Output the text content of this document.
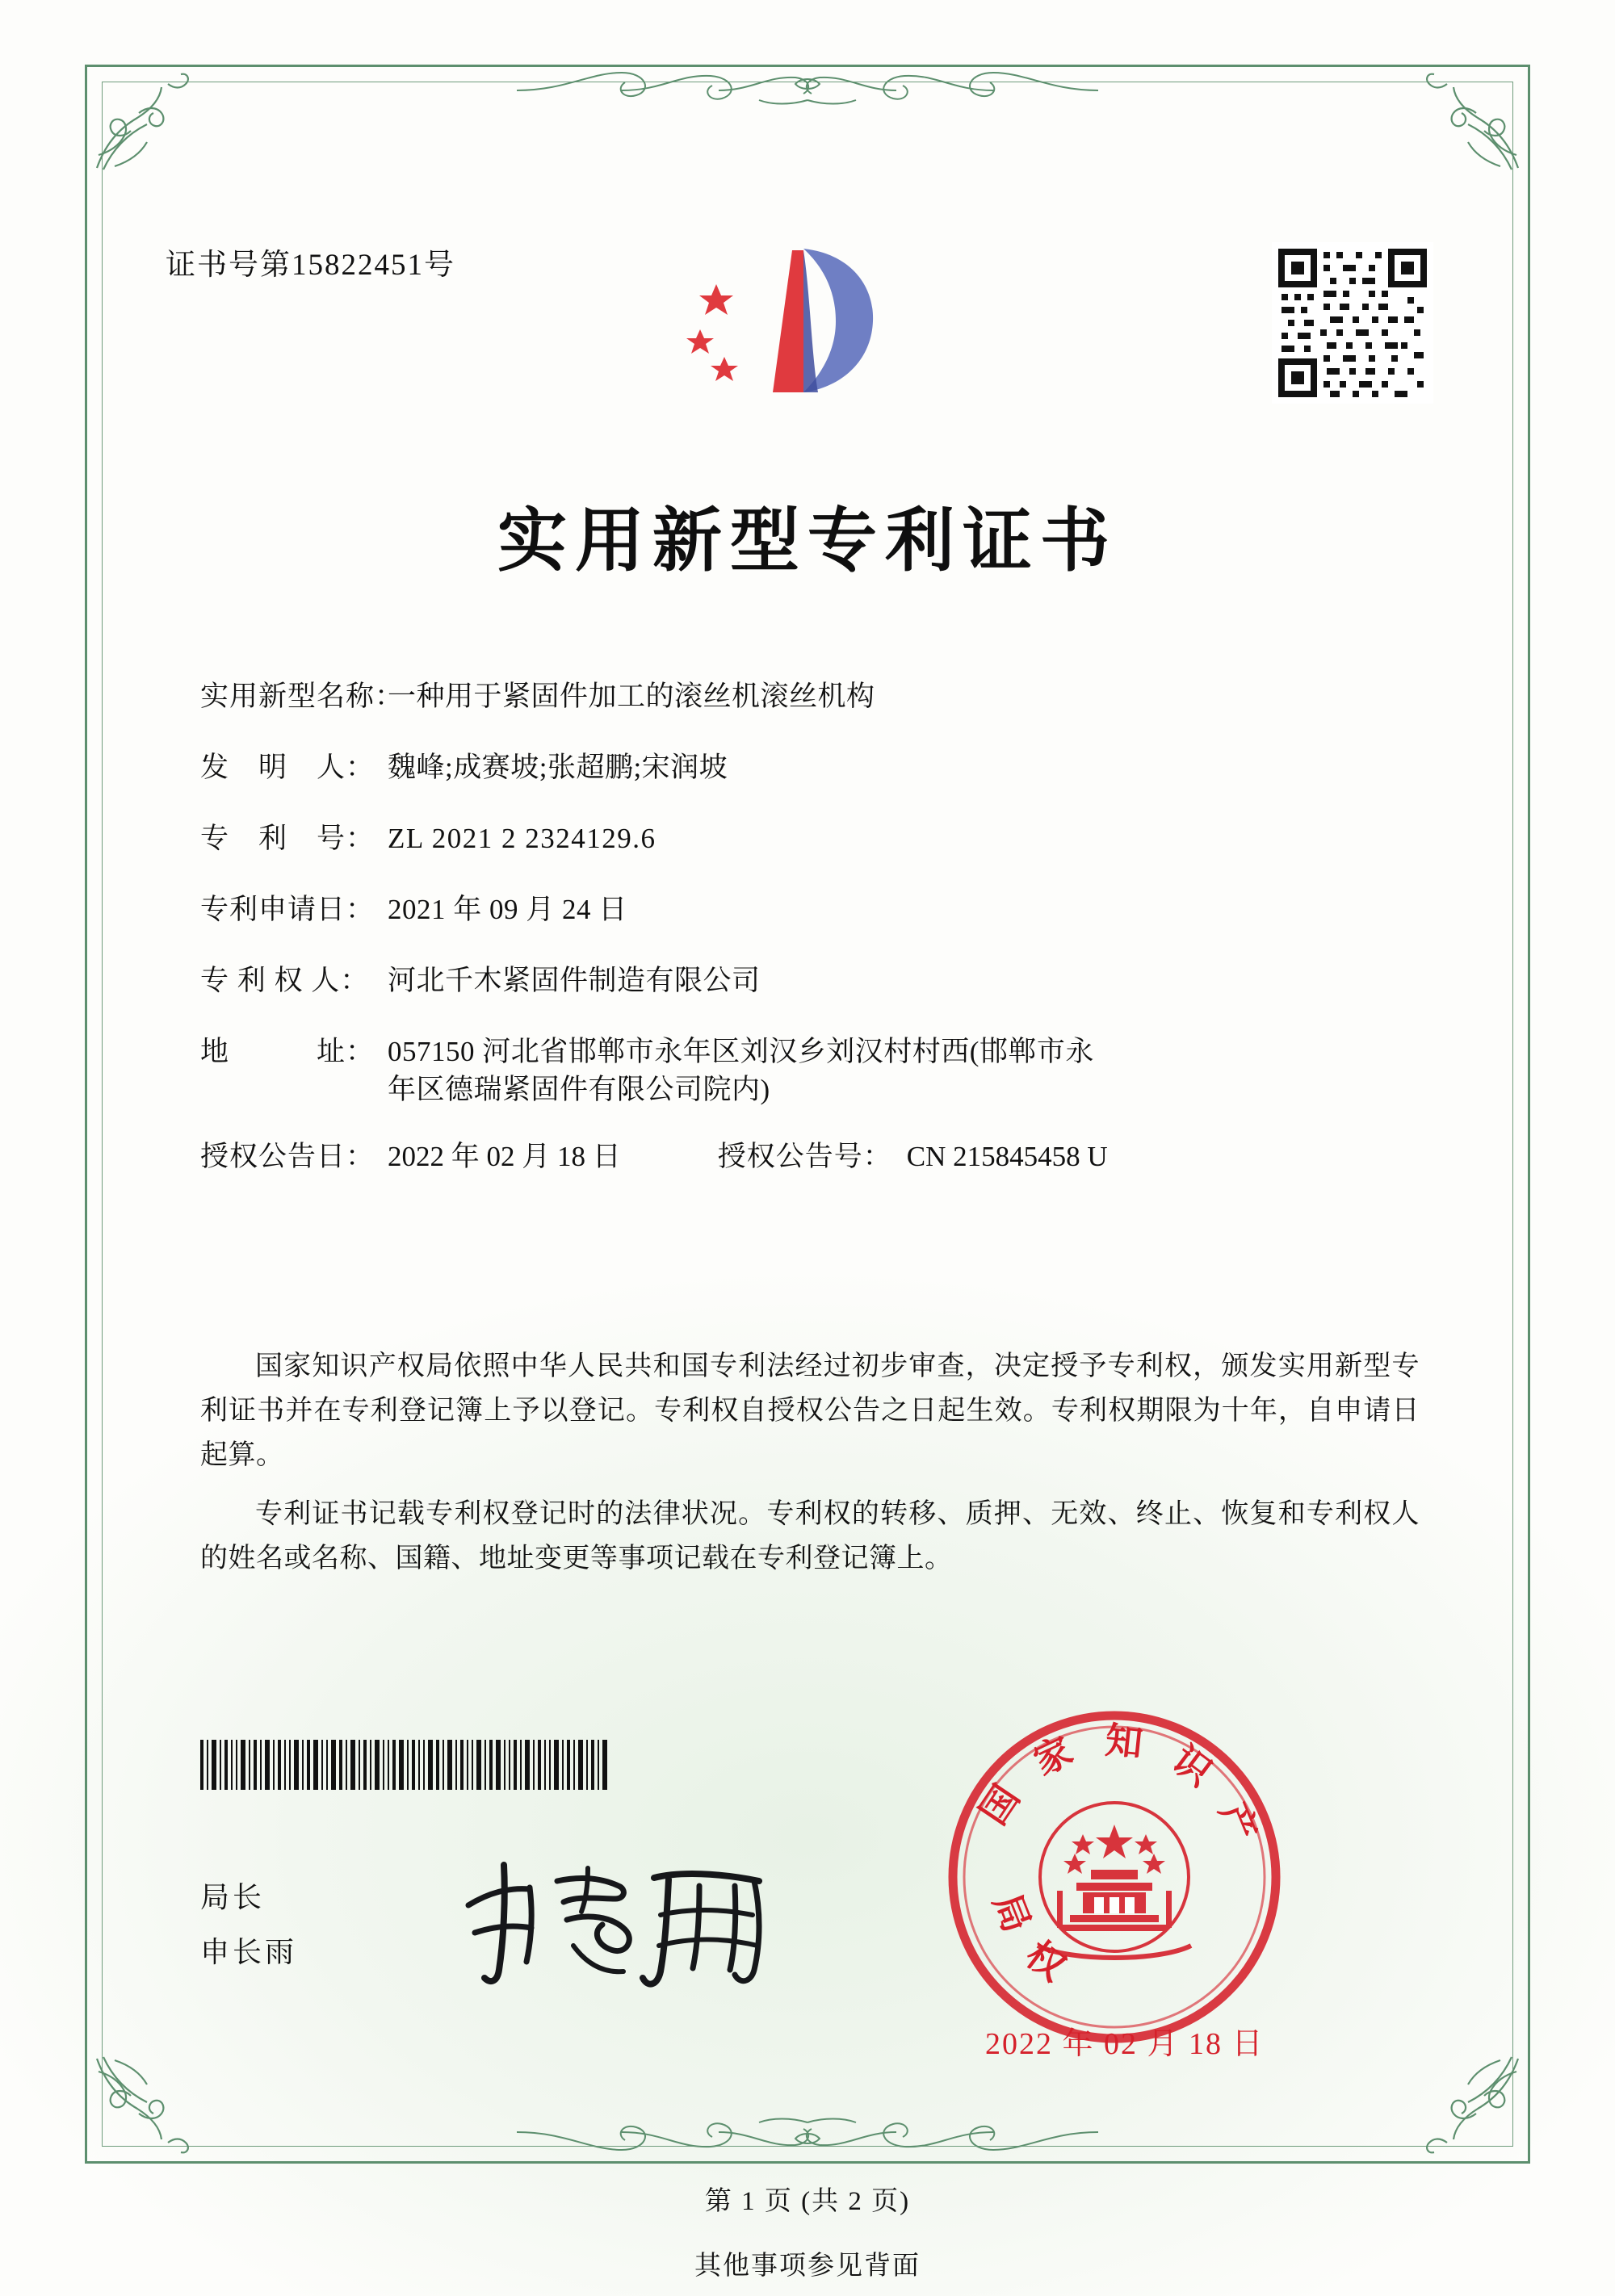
证书号第15822451号
实用新型专利证书
实用新型名称：
一种用于紧固件加工的滚丝机滚丝机构
发　明　人： 魏峰;成赛坡;张超鹏;宋润坡
专　利　号： ZL 2021 2 2324129.6
专利申请日： 2021 年 09 月 24 日
专 利 权 人： 河北千木紧固件制造有限公司
地　　　址： 057150 河北省邯郸市永年区刘汉乡刘汉村村西(邯郸市永
年区德瑞紧固件有限公司院内)
授权公告日： 2022 年 02 月 18 日	授权公告号： CN 215845458 U

国家知识产权局依照中华人民共和国专利法经过初步审查，决定授予专利权，颁发实用新型专利证书并在专利登记簿上予以登记。专利权自授权公告之日起生效。专利权期限为十年，自申请日起算。

专利证书记载专利权登记时的法律状况。专利权的转移、质押、无效、终止、恢复和专利权人的姓名或名称、国籍、地址变更等事项记载在专利登记簿上。

局长
申长雨
国 家 知 识 产
局 权
2022 年 02 月 18 日
第 1 页 (共 2 页)
其他事项参见背面
